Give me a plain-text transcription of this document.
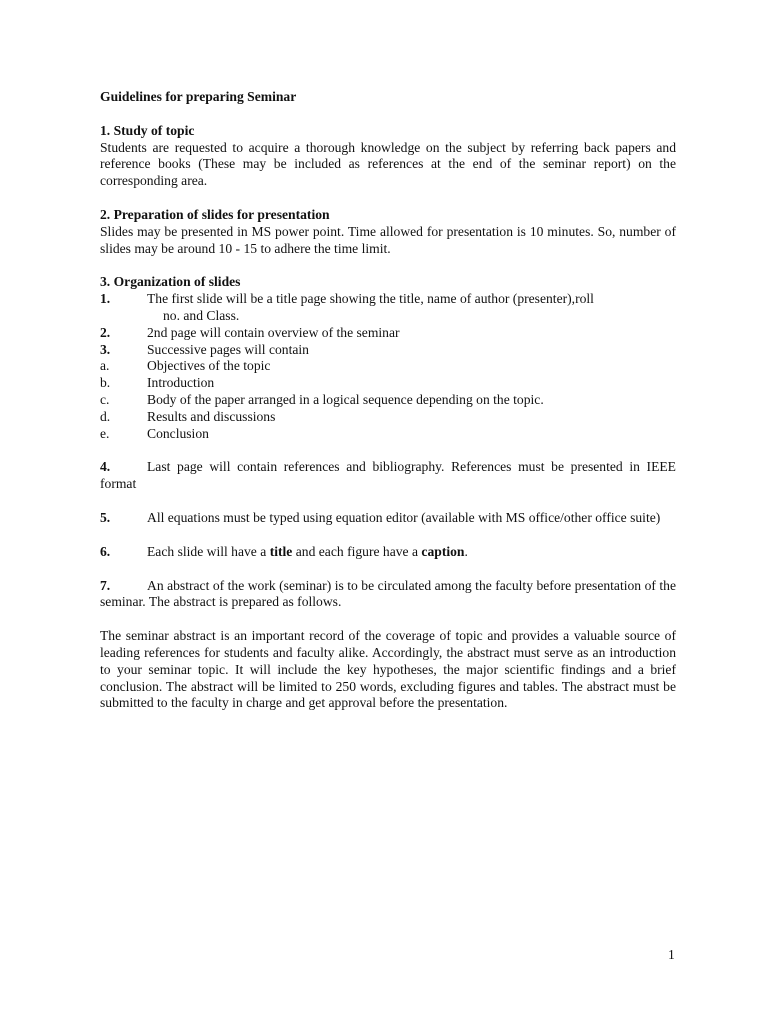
Guidelines for preparing Seminar
1. Study of topic

Students are requested to acquire a thorough knowledge on the subject by referring back papers and reference books (These may be included as references at the end of the seminar report) on the corresponding area.

2. Preparation of slides for presentation

Slides may be presented in MS power point. Time allowed for presentation is 10 minutes. So, number of slides may be around 10 - 15 to adhere the time limit.

3. Organization of slides
1.	The first slide will be a title page showing the title, name of author (presenter),roll
no. and Class.
2.	2nd page will contain overview of the seminar
3.	Successive pages will contain
a.	Objectives of the topic
b.	Introduction
c.	Body of the paper arranged in a logical sequence depending on the topic.
d.	Results and discussions
e.	Conclusion

4.	Last page will contain references and bibliography. References must be presented in IEEE format

5.	All equations must be typed using equation editor (available with MS office/other office suite)

6.	Each slide will have a title and each figure have a caption.

7.	An abstract of the work (seminar) is to be circulated among the faculty before presentation of the seminar. The abstract is prepared as follows.

The seminar abstract is an important record of the coverage of topic and provides a valuable source of leading references for students and faculty alike. Accordingly, the abstract must serve as an introduction to your seminar topic. It will include the key hypotheses, the major scientific findings and a brief conclusion. The abstract will be limited to 250 words, excluding figures and tables. The abstract must be submitted to the faculty in charge and get approval before the presentation.

1
